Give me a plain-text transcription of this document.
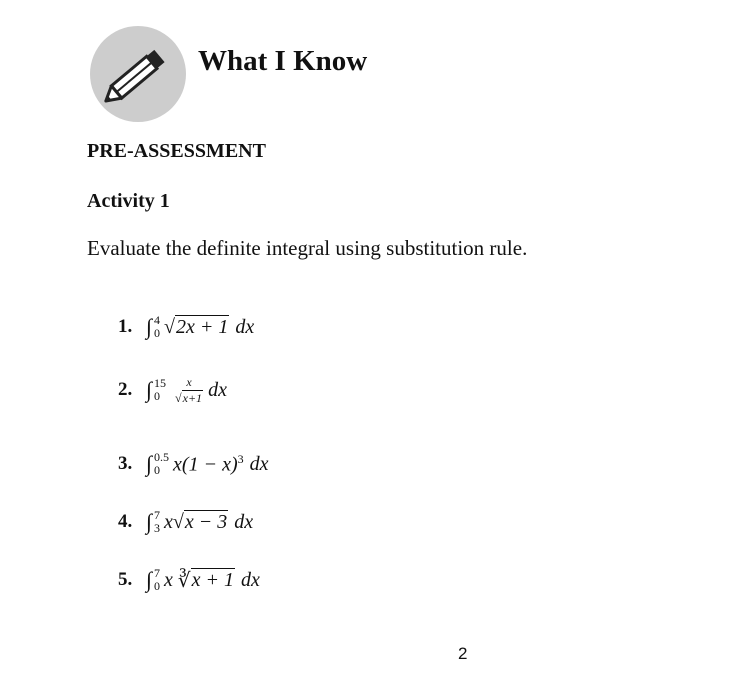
What I Know
PRE-ASSESSMENT
Activity 1
Evaluate the definite integral using substitution rule.
1. ∫ 4
0 √ 2x + 1 dx
2. ∫ 15
0	$\frac{x}{√x+1}$ dx
3. ∫ 0.5
0 $x(1 - x)^3$ dx
4. ∫ 7
3 x √ x − 3 dx
5. ∫ 7
0 x ∛ x + 1 dx
2
